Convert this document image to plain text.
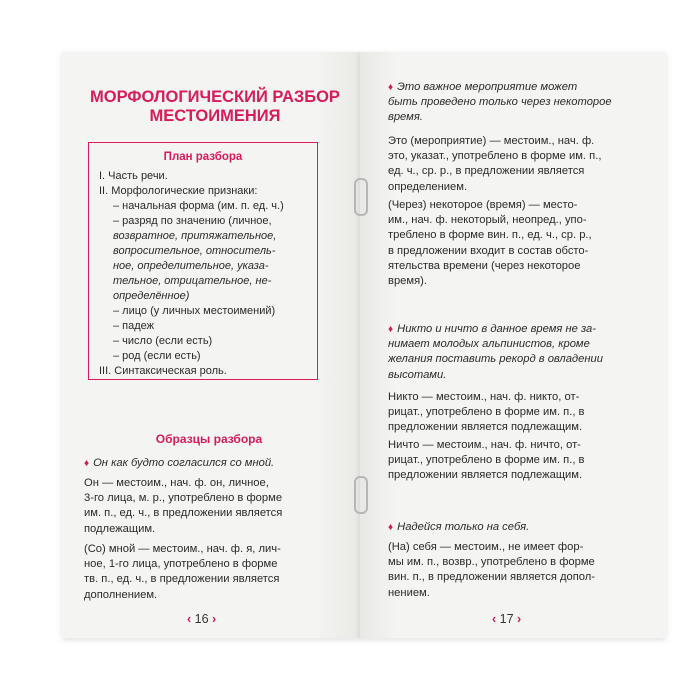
МОРФОЛОГИЧЕСКИЙ РАЗБОР
МЕСТОИМЕНИЯ
План разбора
I. Часть речи.
II. Морфологические признаки:
– начальная форма (им. п. ед. ч.)
– разряд по значению (личное,
возвратное, притяжательное,
вопросительное, относитель-
ное, определительное, указа-
тельное, отрицательное, не-
определённое)
– лицо (у личных местоимений)
– падеж
– число (если есть)
– род (если есть)
III. Синтаксическая роль.
Образцы разбора
♦ Он как будто согласился со мной.
Он — местоим., нач. ф. он, личное,
3-го лица, м. р., употреблено в форме
им. п., ед. ч., в предложении является
подлежащим.
(Со) мной — местоим., нач. ф. я, лич-
ное, 1-го лица, употреблено в форме
тв. п., ед. ч., в предложении является
дополнением.
‹ 16 ›
♦ Это важное мероприятие может
быть проведено только через некоторое
время.
Это (мероприятие) — местоим., нач. ф.
это, указат., употреблено в форме им. п.,
ед. ч., ср. р., в предложении является
определением.
(Через) некоторое (время) — место-
им., нач. ф. некоторый, неопред., упо-
треблено в форме вин. п., ед. ч., ср. р.,
в предложении входит в состав обсто-
ятельства времени (через некоторое
время).
♦ Никто и ничто в данное время не за-
нимает молодых альпинистов, кроме
желания поставить рекорд в овладении
высотами.
Никто — местоим., нач. ф. никто, от-
рицат., употреблено в форме им. п., в
предложении является подлежащим.
Ничто — местоим., нач. ф. ничто, от-
рицат., употреблено в форме им. п., в
предложении является подлежащим.
♦ Надейся только на себя.
(На) себя — местоим., не имеет фор-
мы им. п., возвр., употреблено в форме
вин. п., в предложении является допол-
нением.
‹ 17 ›
